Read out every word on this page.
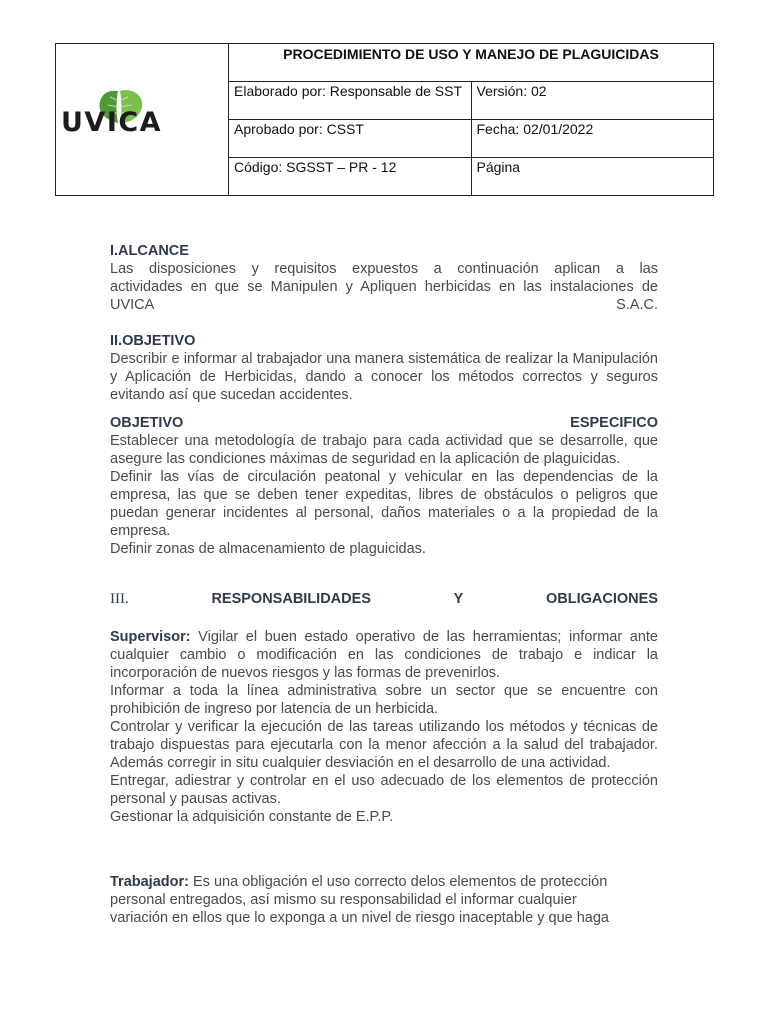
UVICA	PROCEDIMIENTO DE USO Y MANEJO DE PLAGUICIDAS	
	Elaborado por: Responsable de SST	Versión: 02
	Aprobado por: CSST	Fecha: 02/01/2022
	Código: SGSST – PR - 12	Página
I.ALCANCE

Las disposiciones y requisitos expuestos a continuación aplican a las

actividades en que se Manipulen y Apliquen herbicidas en las instalaciones de

UVICA	S.A.C.
II.OBJETIVO

Describir e informar al trabajador una manera sistemática de realizar la Manipulación y Aplicación de Herbicidas, dando a conocer los métodos correctos y seguros evitando así que sucedan accidentes.

OBJETIVO	ESPECIFICO

Establecer una metodología de trabajo para cada actividad que se desarrolle, que asegure las condiciones máximas de seguridad en la aplicación de plaguicidas.

Definir las vías de circulación peatonal y vehicular en las dependencias de la empresa, las que se deben tener expeditas, libres de obstáculos o peligros que puedan generar incidentes al personal, daños materiales o a la propiedad de la empresa.

Definir zonas de almacenamiento de plaguicidas.

III.	RESPONSABILIDADES	Y	OBLIGACIONES

Supervisor: Vigilar el buen estado operativo de las herramientas; informar ante cualquier cambio o modificación en las condiciones de trabajo e indicar la incorporación de nuevos riesgos y las formas de prevenirlos.

Informar a toda la línea administrativa sobre un sector que se encuentre con prohibición de ingreso por latencia de un herbicida.

Controlar y verificar la ejecución de las tareas utilizando los métodos y técnicas de trabajo dispuestas para ejecutarla con la menor afección a la salud del trabajador. Además corregir in situ cualquier desviación en el desarrollo de una actividad.

Entregar, adiestrar y controlar en el uso adecuado de los elementos de protección personal y pausas activas.

Gestionar la adquisición constante de E.P.P.

Trabajador: Es una obligación el uso correcto delos elementos de protección

personal entregados, así mismo su responsabilidad el informar cualquier

variación en ellos que lo exponga a un nivel de riesgo inaceptable y que haga
